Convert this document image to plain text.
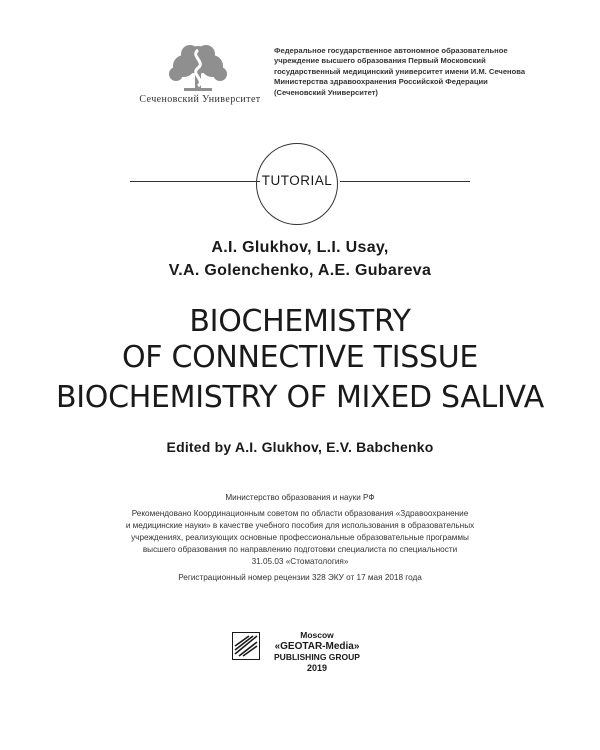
Сеченовский Университет
Федеральное государственное автономное образовательное
учреждение высшего образования Первый Московский
государственный медицинский университет имени И.М. Сеченова
Министерства здравоохранения Российской Федерации
(Сеченовский Университет)
TUTORIAL
A.I. Glukhov, L.I. Usay,
V.A. Golenchenko, A.E. Gubareva
BIOCHEMISTRY
OF CONNECTIVE TISSUE
BIOCHEMISTRY OF MIXED SALIVA
Edited by A.I. Glukhov, E.V. Babchenko
Министерство образования и науки РФ
Рекомендовано Координационным советом по области образования «Здравоохранение
и медицинские науки» в качестве учебного пособия для использования в образовательных
учреждениях, реализующих основные профессиональные образовательные программы
высшего образования по направлению подготовки специалиста по специальности
31.05.03 «Стоматология»
Регистрационный номер рецензии 328 ЭКУ от 17 мая 2018 года
Moscow
«GEOTAR-Media»
PUBLISHING GROUP
2019
